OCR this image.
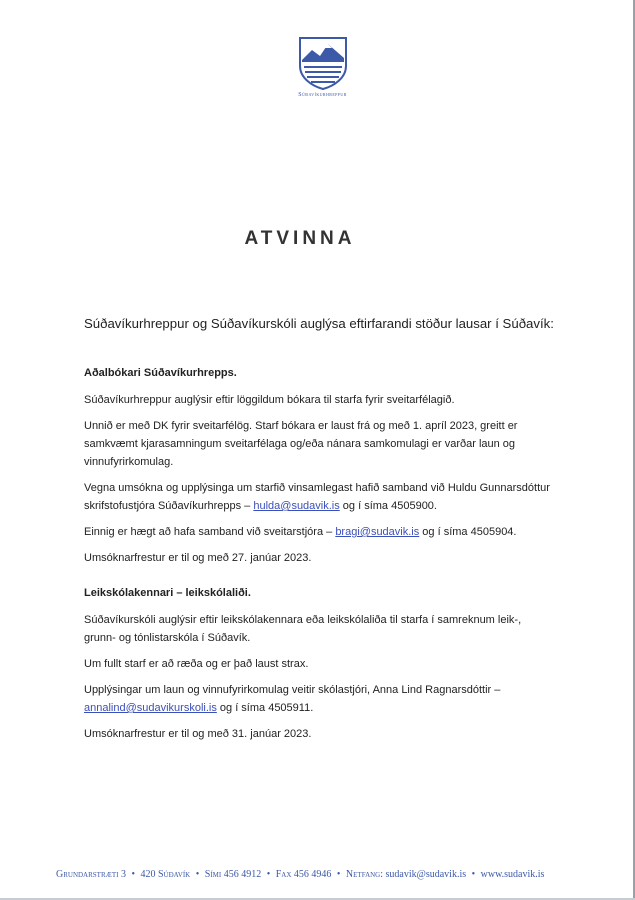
Súðavíkurhreppur
ATVINNA
Súðavíkurhreppur og Súðavíkurskóli auglýsa eftirfarandi stöður lausar í Súðavík:

Aðalbókari Súðavíkurhrepps.

Súðavíkurhreppur auglýsir eftir löggildum bókara til starfa fyrir sveitarfélagið.

Unnið er með DK fyrir sveitarfélög. Starf bókara er laust frá og með 1. apríl 2023, greitt er samkvæmt kjarasamningum sveitarfélaga og/eða nánara samkomulagi er varðar laun og vinnufyrirkomulag.

Vegna umsókna og upplýsinga um starfið vinsamlegast hafið samband við Huldu Gunnarsdóttur skrifstofustjóra Súðavíkurhrepps – hulda@sudavik.is og í síma 4505900.

Einnig er hægt að hafa samband við sveitarstjóra – bragi@sudavik.is og í síma 4505904.

Umsóknarfrestur er til og með 27. janúar 2023.

Leikskólakennari – leikskólaliði.

Súðavíkurskóli auglýsir eftir leikskólakennara eða leikskólaliða til starfa í samreknum leik-, grunn- og tónlistarskóla í Súðavík.

Um fullt starf er að ræða og er það laust strax.

Upplýsingar um laun og vinnufyrirkomulag veitir skólastjóri, Anna Lind Ragnarsdóttir – annalind@sudavikurskoli.is og í síma 4505911.

Umsóknarfrestur er til og með 31. janúar 2023.

Grundarstræti 3 • 420 Súðavík • Sími 456 4912 • Fax 456 4946 • Netfang: sudavik@sudavik.is • www.sudavik.is
